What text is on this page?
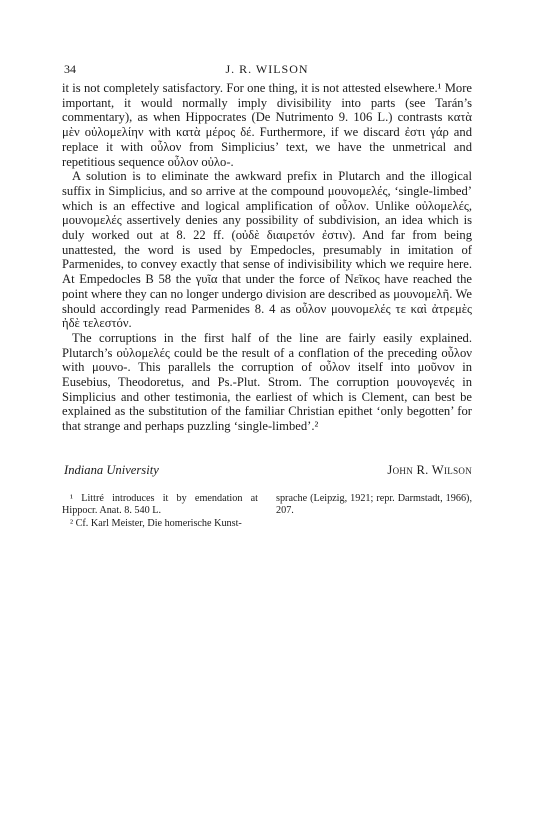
34	J. R. WILSON

it is not completely satisfactory. For one thing, it is not attested elsewhere.¹ More important, it would normally imply divisibility into parts (see Tarán’s commentary), as when Hippocrates (De Nutrimento 9. 106 L.) contrasts κατὰ μὲν οὐλομελίην with κατὰ μέρος δέ. Furthermore, if we discard ἐστι γάρ and replace it with οὖλον from Simplicius’ text, we have the unmetrical and repetitious sequence οὖλον οὐλο-.

A solution is to eliminate the awkward prefix in Plutarch and the illogical suffix in Simplicius, and so arrive at the compound μουνομελές, ‘single-limbed’ which is an effective and logical amplification of οὖλον. Unlike οὐλομελές, μουνομελές assertively denies any possibility of subdivision, an idea which is duly worked out at 8. 22 ff. (οὐδὲ διαιρετόν ἐστιν). And far from being unattested, the word is used by Empedocles, presumably in imitation of Parmenides, to convey exactly that sense of indivisibility which we require here. At Empedocles B 58 the γυῖα that under the force of Νεῖκος have reached the point where they can no longer undergo division are described as μουνομελῆ. We should accordingly read Parmenides 8. 4 as οὖλον μουνομελές τε καὶ ἀτρεμὲς ἠδὲ τελεστόν.

The corruptions in the first half of the line are fairly easily explained. Plutarch’s οὐλομελές could be the result of a conflation of the preceding οὖλον with μουνο-. This parallels the corruption of οὖλον itself into μοῦνον in Eusebius, Theodoretus, and Ps.-Plut. Strom. The corruption μουνογενές in Simplicius and other testimonia, the earliest of which is Clement, can best be explained as the substitution of the familiar Christian epithet ‘only begotten’ for that strange and perhaps puzzling ‘single-limbed’.²

Indiana University	John R. Wilson

¹ Littré introduces it by emendation at Hippocr. Anat. 8. 540 L.

² Cf. Karl Meister, Die homerische Kunst-

sprache (Leipzig, 1921; repr. Darmstadt, 1966), 207.
